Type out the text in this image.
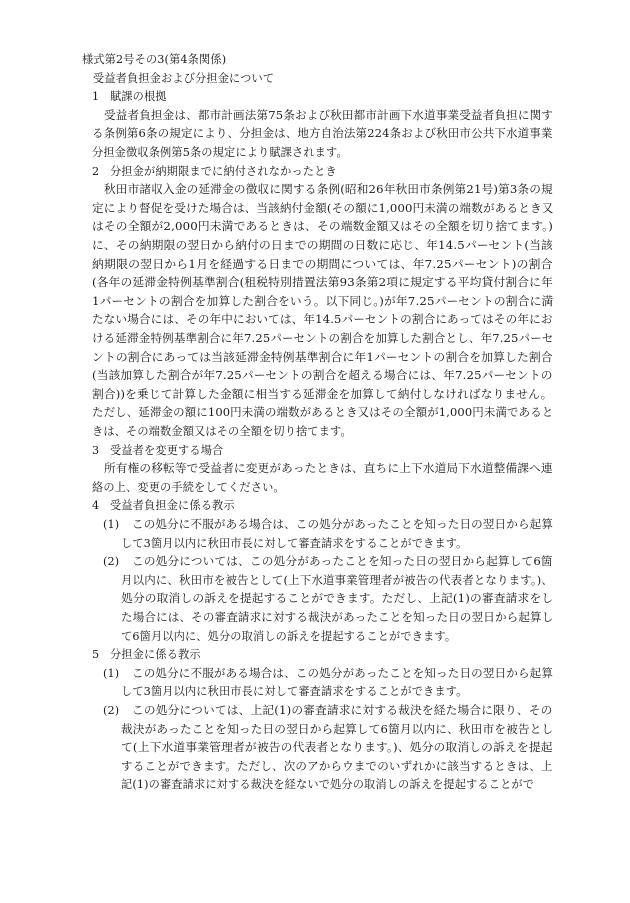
様式第2号その3(第4条関係)
受益者負担金および分担金について
1 賦課の根拠
受益者負担金は、都市計画法第75条および秋田都市計画下水道事業受益者負担に関す
る条例第6条の規定により、分担金は、地方自治法第224条および秋田市公共下水道事業
分担金徴収条例第5条の規定により賦課されます。
2 分担金が納期限までに納付されなかったとき
秋田市諸収入金の延滞金の徴収に関する条例(昭和26年秋田市条例第21号)第3条の規
定により督促を受けた場合は、当該納付金額(その額に1,000円未満の端数があるとき又
はその全額が2,000円未満であるときは、その端数金額又はその全額を切り捨てます。)
に、その納期限の翌日から納付の日までの期間の日数に応じ、年14.5パーセント(当該
納期限の翌日から1月を経過する日までの期間については、年7.25パーセント)の割合
(各年の延滞金特例基準割合(租税特別措置法第93条第2項に規定する平均貸付割合に年
1パーセントの割合を加算した割合をいう。以下同じ。)が年7.25パーセントの割合に満
たない場合には、その年中においては、年14.5パーセントの割合にあってはその年にお
ける延滞金特例基準割合に年7.25パーセントの割合を加算した割合とし、年7.25パーセ
ントの割合にあっては当該延滞金特例基準割合に年1パーセントの割合を加算した割合
(当該加算した割合が年7.25パーセントの割合を超える場合には、年7.25パーセントの
割合))を乗じて計算した金額に相当する延滞金を加算して納付しなければなりません。
ただし、延滞金の額に100円未満の端数があるとき又はその全額が1,000円未満であると
きは、その端数金額又はその全額を切り捨てます。
3 受益者を変更する場合
所有権の移転等で受益者に変更があったときは、直ちに上下水道局下水道整備課へ連
絡の上、変更の手続をしてください。
4 受益者負担金に係る教示
(1) この処分に不服がある場合は、この処分があったことを知った日の翌日から起算
して3箇月以内に秋田市長に対して審査請求をすることができます。
(2) この処分については、この処分があったことを知った日の翌日から起算して6箇
月以内に、秋田市を被告として(上下水道事業管理者が被告の代表者となります。)、
処分の取消しの訴えを提起することができます。ただし、上記(1)の審査請求をし
た場合には、その審査請求に対する裁決があったことを知った日の翌日から起算し
て6箇月以内に、処分の取消しの訴えを提起することができます。
5 分担金に係る教示
(1) この処分に不服がある場合は、この処分があったことを知った日の翌日から起算
して3箇月以内に秋田市長に対して審査請求をすることができます。
(2) この処分については、上記(1)の審査請求に対する裁決を経た場合に限り、その
裁決があったことを知った日の翌日から起算して6箇月以内に、秋田市を被告とし
て(上下水道事業管理者が被告の代表者となります。)、処分の取消しの訴えを提起
することができます。ただし、次のアからウまでのいずれかに該当するときは、上
記(1)の審査請求に対する裁決を経ないで処分の取消しの訴えを提起することがで
